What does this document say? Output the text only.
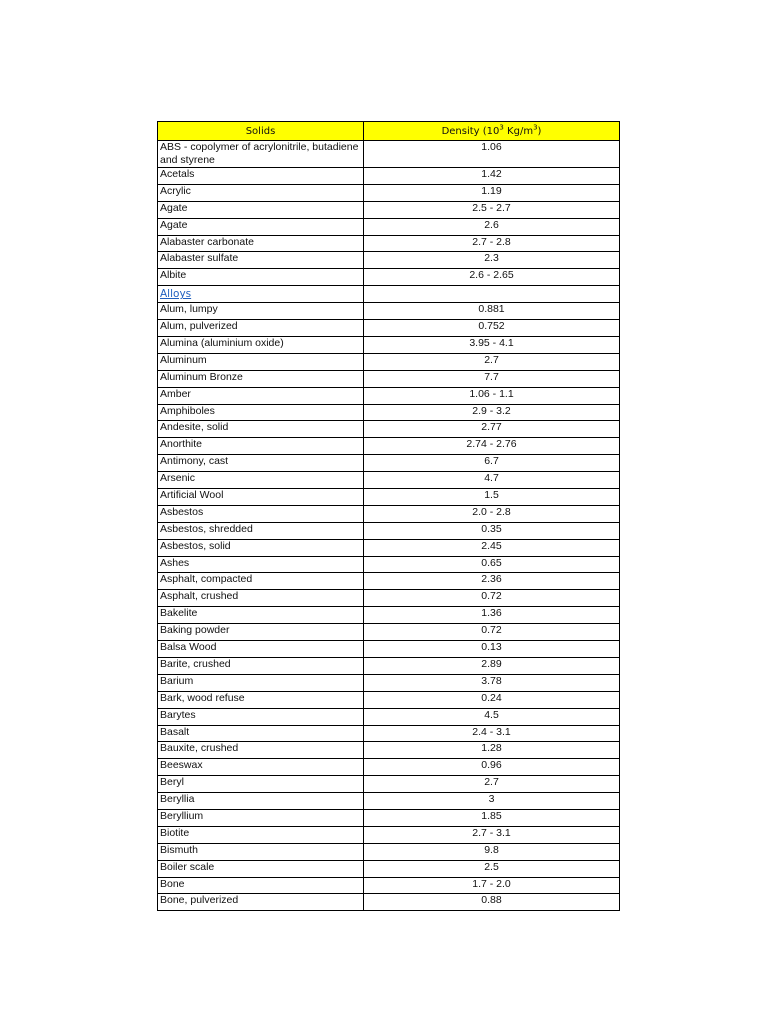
Solids	Density ($10^3$ $Kg/m^3$)
ABS - copolymer of acrylonitrile, butadiene and styrene	1.06
Acetals	1.42
Acrylic	1.19
Agate	2.5 - 2.7
Agate	2.6
Alabaster carbonate	2.7 - 2.8
Alabaster sulfate	2.3
Albite	2.6 - 2.65
Alloys	
Alum, lumpy	0.881
Alum, pulverized	0.752
Alumina (aluminium oxide)	3.95 - 4.1
Aluminum	2.7
Aluminum Bronze	7.7
Amber	1.06 - 1.1
Amphiboles	2.9 - 3.2
Andesite, solid	2.77
Anorthite	2.74 - 2.76
Antimony, cast	6.7
Arsenic	4.7
Artificial Wool	1.5
Asbestos	2.0 - 2.8
Asbestos, shredded	0.35
Asbestos, solid	2.45
Ashes	0.65
Asphalt, compacted	2.36
Asphalt, crushed	0.72
Bakelite	1.36
Baking powder	0.72
Balsa Wood	0.13
Barite, crushed	2.89
Barium	3.78
Bark, wood refuse	0.24
Barytes	4.5
Basalt	2.4 - 3.1
Bauxite, crushed	1.28
Beeswax	0.96
Beryl	2.7
Beryllia	3
Beryllium	1.85
Biotite	2.7 - 3.1
Bismuth	9.8
Boiler scale	2.5
Bone	1.7 - 2.0
Bone, pulverized	0.88
